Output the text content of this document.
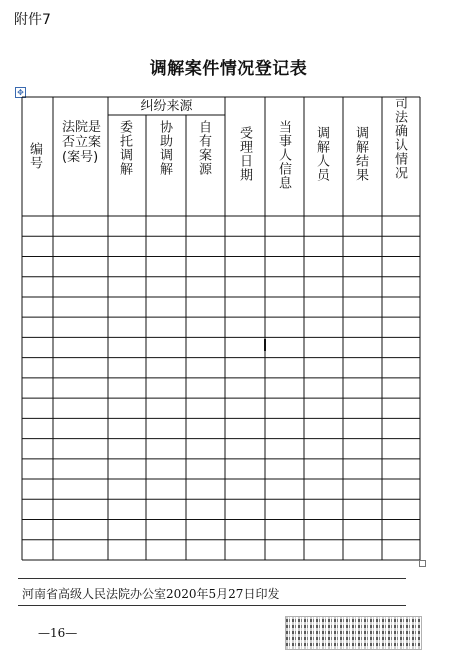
附件7
调解案件情况登记表
✥
编号
法院是否立案(案号)
纠纷来源
委托调解 协助调解 自有案源 受理日期 当事人信息 调解人员 调解结果 司法确认情况
河南省高级人民法院办公室2020年5月27日印发
—16—
